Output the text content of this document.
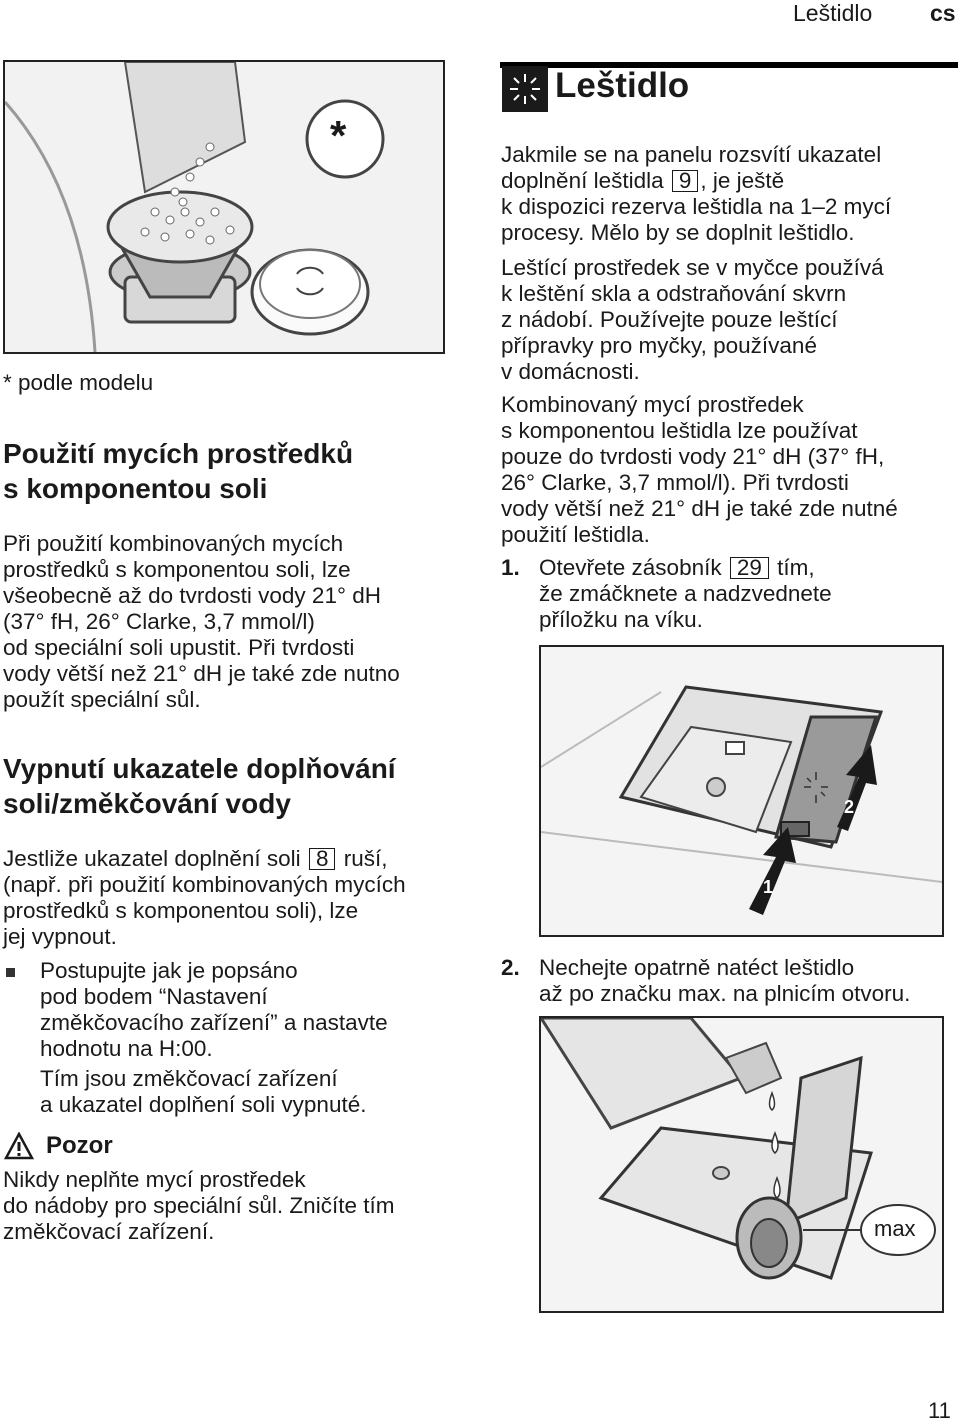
Leštidlo	cs
*
* podle modelu
Použití mycích prostředků
s komponentou soli
Při použití kombinovaných mycích
prostředků s komponentou soli, lze
všeobecně až do tvrdosti vody 21° dH
(37° fH, 26° Clarke, 3,7 mmol/l)
od speciální soli upustit. Při tvrdosti
vody větší než 21° dH je také zde nutno
použít speciální sůl.
Vypnutí ukazatele doplňování
soli/změkčování vody
Jestliže ukazatel doplnění soli 8 ruší,
(např. při použití kombinovaných mycích
prostředků s komponentou soli), lze
jej vypnout.
Postupujte jak je popsáno
pod bodem “Nastavení
změkčovacího zařízení” a nastavte
hodnotu na H:00.
Tím jsou změkčovací zařízení
a ukazatel doplňení soli vypnuté.
Pozor
Nikdy neplňte mycí prostředek
do nádoby pro speciální sůl. Zničíte tím
změkčovací zařízení.
Leštidlo
Jakmile se na panelu rozsvítí ukazatel
doplnění leštidla 9 , je ještě
k dispozici rezerva leštidla na 1–2 mycí
procesy. Mělo by se doplnit leštidlo.
Leštící prostředek se v myčce používá
k leštění skla a odstraňování skvrn
z nádobí. Používejte pouze leštící
přípravky pro myčky, používané
v domácnosti.
Kombinovaný mycí prostředek
s komponentou leštidla lze používat
pouze do tvrdosti vody 21° dH (37° fH,
26° Clarke, 3,7 mmol/l). Při tvrdosti
vody větší než 21° dH je také zde nutné
použití leštidla.
1. Otevřete zásobník 29 tím,
že zmáčknete a nadzvednete
příložku na víku.
1
2
2. Nechejte opatrně natéct leštidlo
až po značku max. na plnicím otvoru.
max
11
